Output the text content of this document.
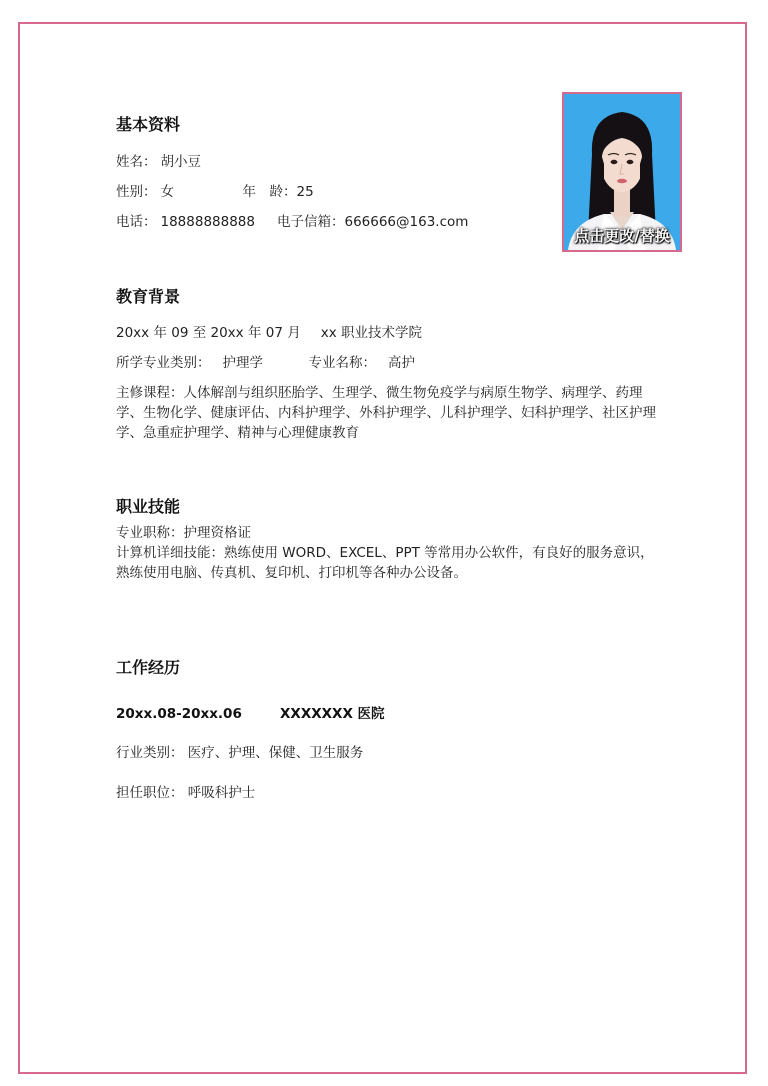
基本资料
姓名： 胡小豆
性别： 女	年　龄：25
电话： 18888888888 电子信箱：666666@163.com
点击更改/替换
教育背景
20xx 年 09 至 20xx 年 07 月 xx 职业技术学院
所学专业类别： 护理学	专业名称： 高护
主修课程：人体解剖与组织胚胎学、生理学、微生物免疫学与病原生物学、病理学、药理学、生物化学、健康评估、内科护理学、外科护理学、儿科护理学、妇科护理学、社区护理学、急重症护理学、精神与心理健康教育
职业技能
专业职称：护理资格证
计算机详细技能：熟练使用 WORD、EXCEL、PPT 等常用办公软件，有良好的服务意识，熟练使用电脑、传真机、复印机、打印机等各种办公设备。
工作经历
20xx.08-20xx.06	XXXXXXX 医院
行业类别： 医疗、护理、保健、卫生服务
担任职位： 呼吸科护士
